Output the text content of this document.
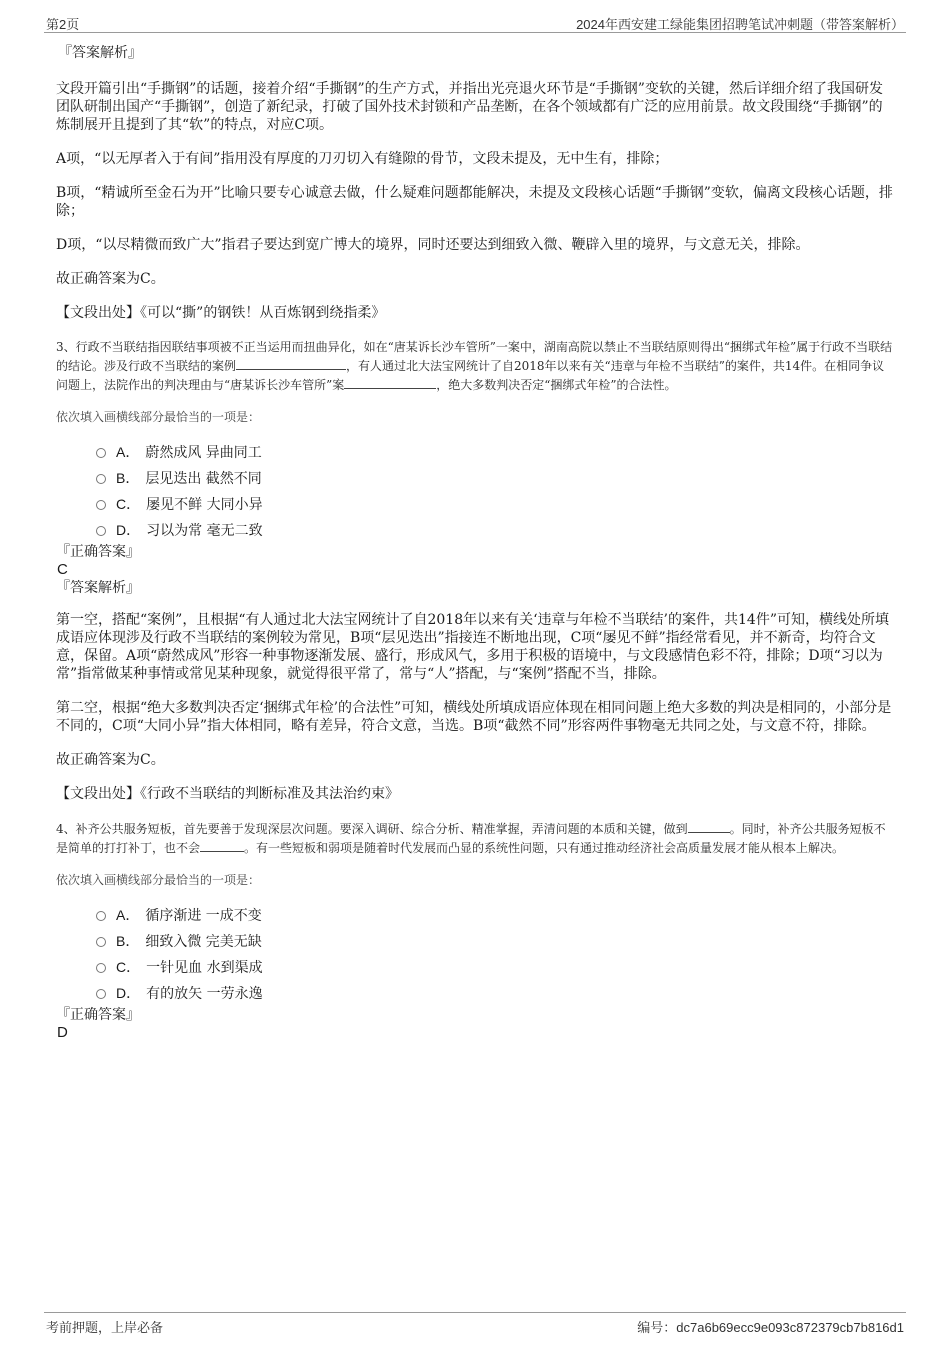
第2页	2024年西安建工绿能集团招聘笔试冲刺题（带答案解析）

『答案解析』

文段开篇引出“手撕钢”的话题，接着介绍“手撕钢”的生产方式，并指出光亮退火环节是“手撕钢”变软的关键，然后详细介绍了我国研发团队研制出国产“手撕钢”，创造了新纪录，打破了国外技术封锁和产品垄断，在各个领域都有广泛的应用前景。故文段围绕“手撕钢”的炼制展开且提到了其“软”的特点，对应C项。

A项，“以无厚者入于有间”指用没有厚度的刀刃切入有缝隙的骨节，文段未提及，无中生有，排除；

B项，“精诚所至金石为开”比喻只要专心诚意去做，什么疑难问题都能解决，未提及文段核心话题“手撕钢”变软，偏离文段核心话题，排除；

D项，“以尽精微而致广大”指君子要达到宽广博大的境界，同时还要达到细致入微、鞭辟入里的境界，与文意无关，排除。

故正确答案为C。

【文段出处】《可以“撕”的钢铁！从百炼钢到绕指柔》

3、行政不当联结指因联结事项被不正当运用而扭曲异化，如在“唐某诉长沙车管所”一案中，湖南高院以禁止不当联结原则得出“捆绑式年检”属于行政不当联结的结论。涉及行政不当联结的案例	，有人通过北大法宝网统计了自2018年以来有关“违章与年检不当联结”的案件，共14件。在相同争议问题上，法院作出的判决理由与“唐某诉长沙车管所”案	，绝大多数判决否定“捆绑式年检”的合法性。

依次填入画横线部分最恰当的一项是：

A． 蔚然成风 异曲同工
B． 层见迭出 截然不同
C． 屡见不鲜 大同小异
D． 习以为常 毫无二致

『正确答案』

C

『答案解析』

第一空，搭配“案例”，且根据“有人通过北大法宝网统计了自2018年以来有关‘违章与年检不当联结’的案件，共14件”可知，横线处所填成语应体现涉及行政不当联结的案例较为常见，B项“层见迭出”指接连不断地出现，C项“屡见不鲜”指经常看见，并不新奇，均符合文意，保留。A项“蔚然成风”形容一种事物逐渐发展、盛行，形成风气，多用于积极的语境中，与文段感情色彩不符，排除；D项“习以为常”指常做某种事情或常见某种现象，就觉得很平常了，常与“人”搭配，与“案例”搭配不当，排除。

第二空，根据“绝大多数判决否定‘捆绑式年检’的合法性”可知，横线处所填成语应体现在相同问题上绝大多数的判决是相同的，小部分是不同的，C项“大同小异”指大体相同，略有差异，符合文意，当选。B项“截然不同”形容两件事物毫无共同之处，与文意不符，排除。

故正确答案为C。

【文段出处】《行政不当联结的判断标准及其法治约束》

4、补齐公共服务短板，首先要善于发现深层次问题。要深入调研、综合分析、精准掌握，弄清问题的本质和关键，做到	。同时，补齐公共服务短板不是简单的打打补丁，也不会	。有一些短板和弱项是随着时代发展而凸显的系统性问题，只有通过推动经济社会高质量发展才能从根本上解决。

依次填入画横线部分最恰当的一项是：

A． 循序渐进 一成不变
B． 细致入微 完美无缺
C． 一针见血 水到渠成
D． 有的放矢 一劳永逸

『正确答案』

D

考前押题，上岸必备	编号：dc7a6b69ecc9e093c872379cb7b816d1
